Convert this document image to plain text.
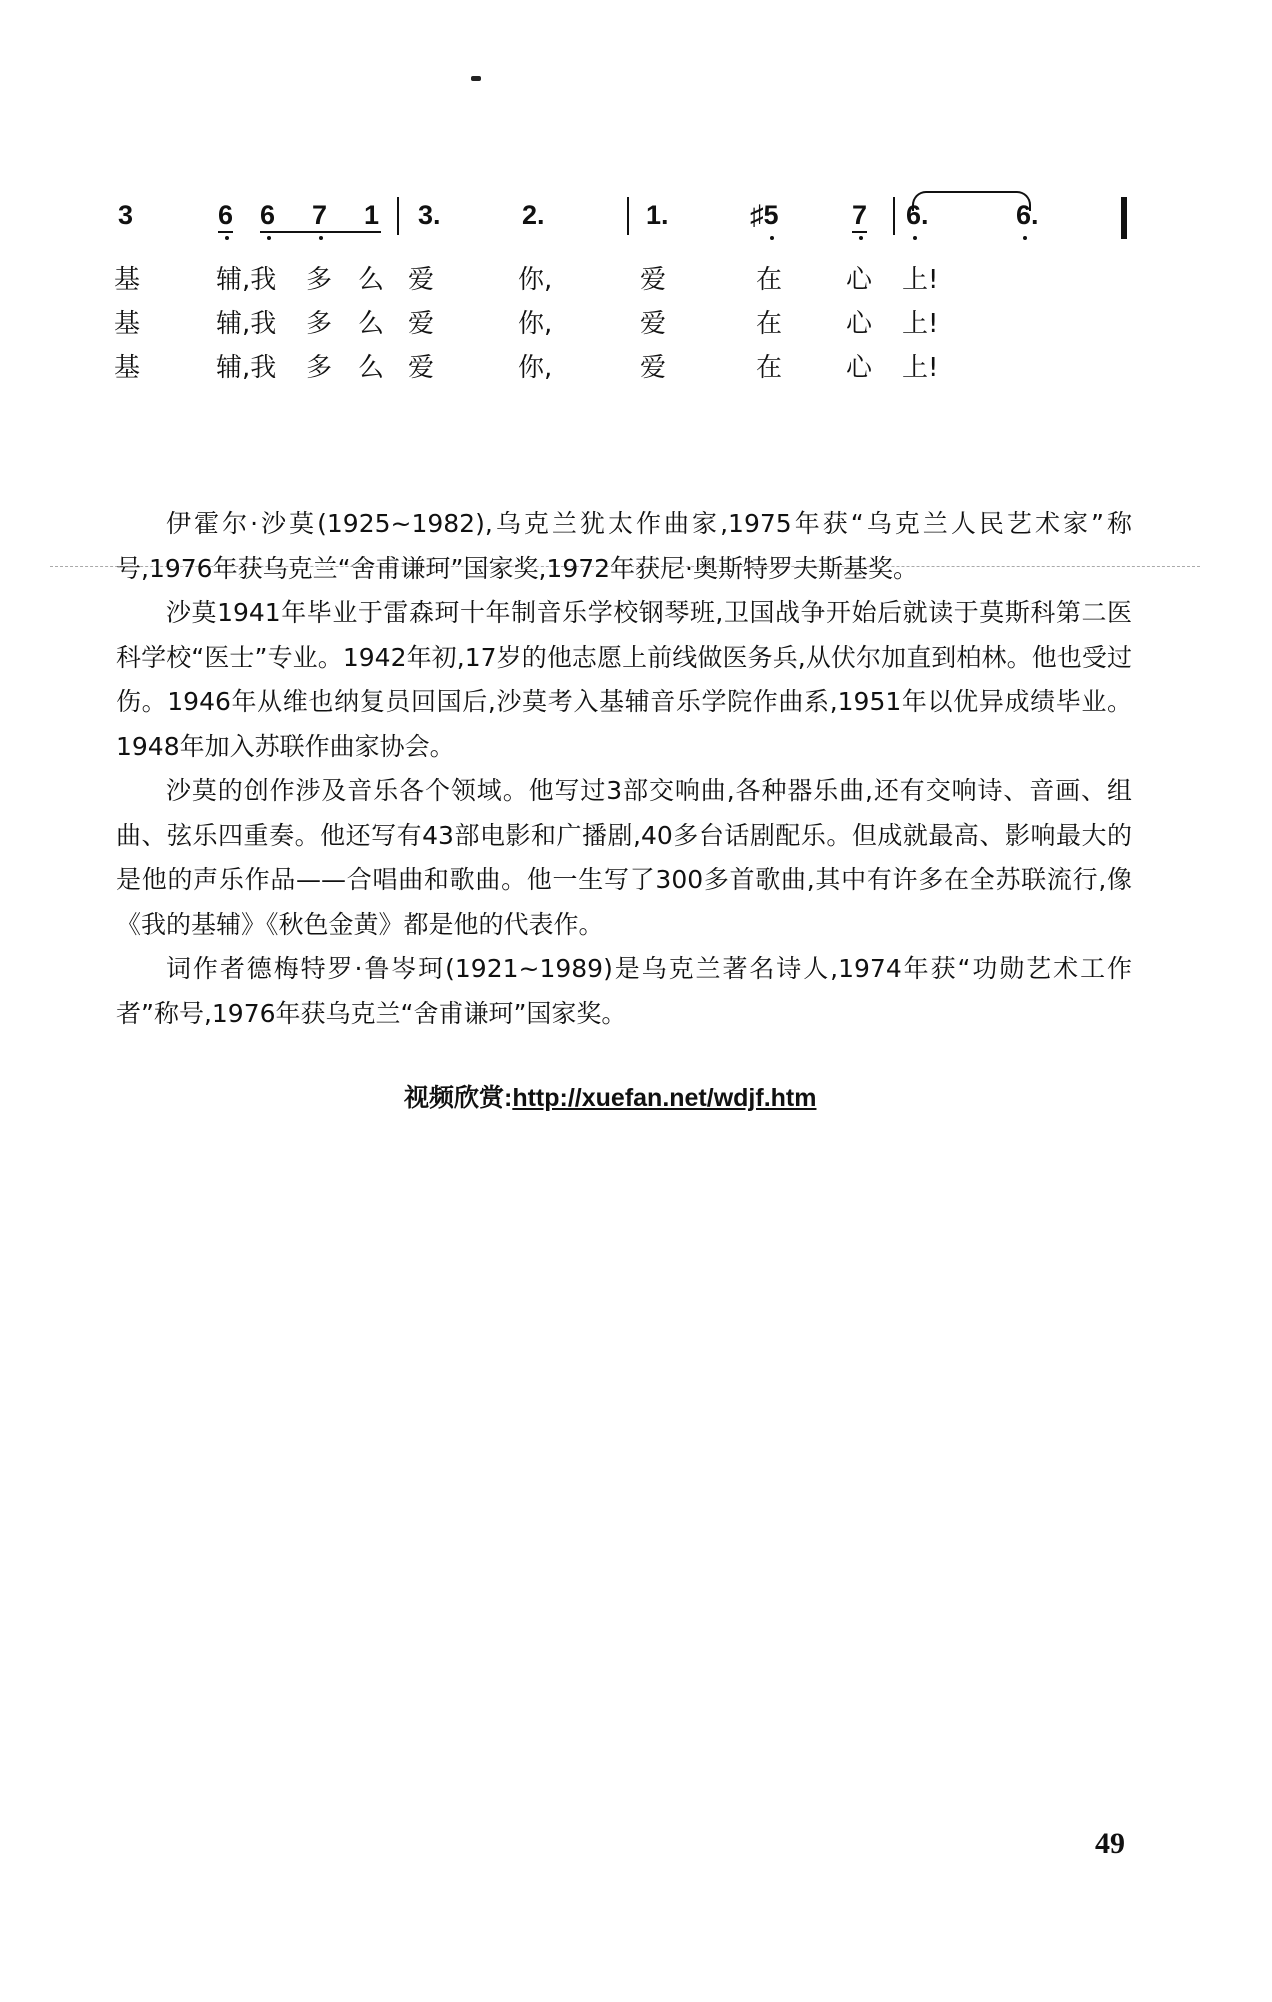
3	6 6 7 1 3.	2.	1.	♯5	7 6.	6.
基	辅,我 多 么 爱	你,	爱	在 心 上!
基	辅,我 多 么 爱	你,	爱	在 心 上!
基	辅,我 多 么 爱	你,	爱	在 心 上!

伊霍尔·沙莫(1925~1982),乌克兰犹太作曲家,1975年获“乌克兰人民艺术家”称号,1976年获乌克兰“舍甫谦珂”国家奖,1972年获尼·奥斯特罗夫斯基奖。

沙莫1941年毕业于雷森珂十年制音乐学校钢琴班,卫国战争开始后就读于莫斯科第二医科学校“医士”专业。1942年初,17岁的他志愿上前线做医务兵,从伏尔加直到柏林。他也受过伤。1946年从维也纳复员回国后,沙莫考入基辅音乐学院作曲系,1951年以优异成绩毕业。1948年加入苏联作曲家协会。

沙莫的创作涉及音乐各个领域。他写过3部交响曲,各种器乐曲,还有交响诗、音画、组曲、弦乐四重奏。他还写有43部电影和广播剧,40多台话剧配乐。但成就最高、影响最大的是他的声乐作品——合唱曲和歌曲。他一生写了300多首歌曲,其中有许多在全苏联流行,像《我的基辅》《秋色金黄》都是他的代表作。

词作者德梅特罗·鲁岑珂(1921~1989)是乌克兰著名诗人,1974年获“功勋艺术工作者”称号,1976年获乌克兰“舍甫谦珂”国家奖。

视频欣赏:http://xuefan.net/wdjf.htm
49
